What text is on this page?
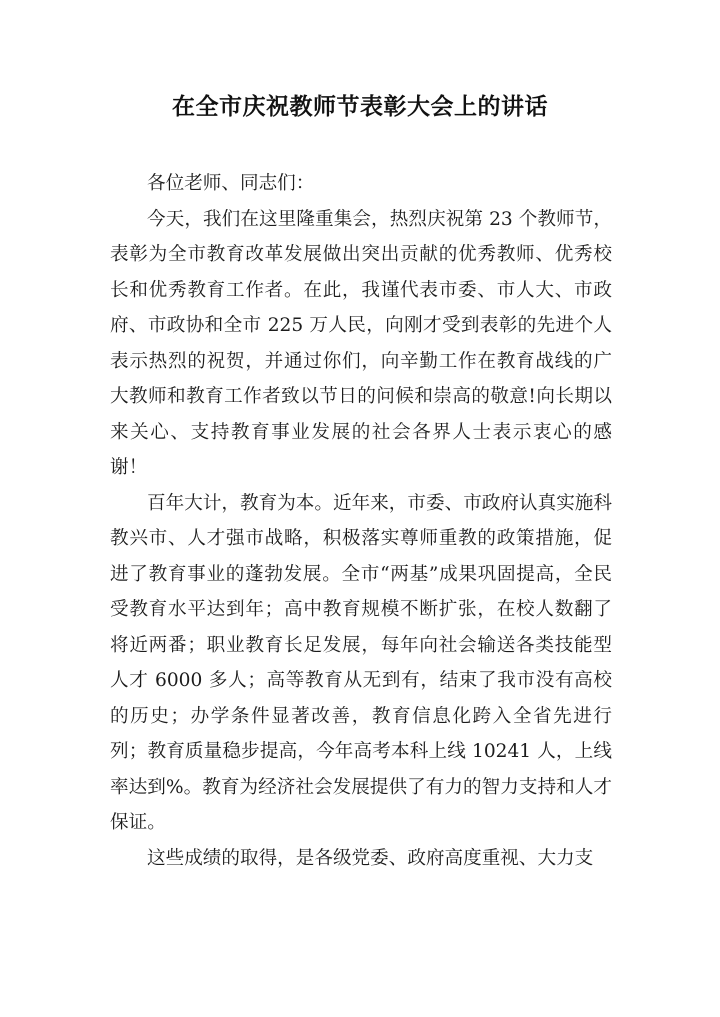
在全市庆祝教师节表彰大会上的讲话

各位老师、同志们：

今天，我们在这里隆重集会，热烈庆祝第 23 个教师节，表彰为全市教育改革发展做出突出贡献的优秀教师、优秀校长和优秀教育工作者。在此，我谨代表市委、市人大、市政府、市政协和全市 225 万人民，向刚才受到表彰的先进个人表示热烈的祝贺，并通过你们，向辛勤工作在教育战线的广大教师和教育工作者致以节日的问候和崇高的敬意!向长期以来关心、支持教育事业发展的社会各界人士表示衷心的感谢！

百年大计，教育为本。近年来，市委、市政府认真实施科教兴市、人才强市战略，积极落实尊师重教的政策措施，促进了教育事业的蓬勃发展。全市“两基”成果巩固提高，全民受教育水平达到年；高中教育规模不断扩张，在校人数翻了将近两番；职业教育长足发展，每年向社会输送各类技能型人才 6000 多人；高等教育从无到有，结束了我市没有高校的历史；办学条件显著改善，教育信息化跨入全省先进行列；教育质量稳步提高，今年高考本科上线 10241 人，上线率达到%。教育为经济社会发展提供了有力的智力支持和人才保证。

这些成绩的取得，是各级党委、政府高度重视、大力支
